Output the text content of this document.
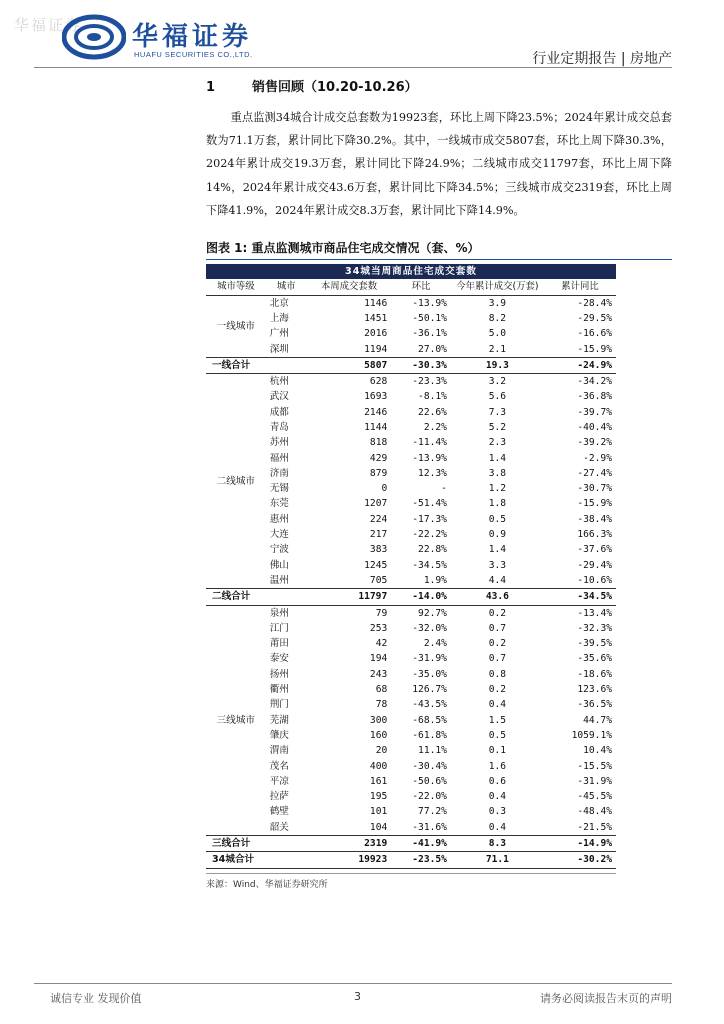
华福证券 华福证券
HUAFU SECURITIES CO.,LTD.	行业定期报告 | 房地产
1	销售回顾（10.20-10.26）

重点监测34城合计成交总套数为19923套，环比上周下降23.5%；2024年累计成交总套数为71.1万套，累计同比下降30.2%。其中，一线城市成交5807套，环比上周下降30.3%，2024年累计成交19.3万套，累计同比下降24.9%；二线城市成交11797套，环比上周下降14%，2024年累计成交43.6万套，累计同比下降34.5%；三线城市成交2319套，环比上周下降41.9%，2024年累计成交8.3万套，累计同比下降14.9%。

图表 1: 重点监测城市商品住宅成交情况（套、%）
34城当周商品住宅成交套数					
城市等级	城市	本周成交套数	环比	今年累计成交(万套)	累计同比
一线城市	北京	1146	-13.9%	3.9	-28.4%
	上海	1451	-50.1%	8.2	-29.5%
	广州	2016	-36.1%	5.0	-16.6%
	深圳	1194	27.0%	2.1	-15.9%
一线合计		5807	-30.3%	19.3	-24.9%
二线城市	杭州	628	-23.3%	3.2	-34.2%
	武汉	1693	-8.1%	5.6	-36.8%
	成都	2146	22.6%	7.3	-39.7%
	青岛	1144	2.2%	5.2	-40.4%
	苏州	818	-11.4%	2.3	-39.2%
	福州	429	-13.9%	1.4	-2.9%
	济南	879	12.3%	3.8	-27.4%
	无锡	0	-	1.2	-30.7%
	东莞	1207	-51.4%	1.8	-15.9%
	惠州	224	-17.3%	0.5	-38.4%
	大连	217	-22.2%	0.9	166.3%
	宁波	383	22.8%	1.4	-37.6%
	佛山	1245	-34.5%	3.3	-29.4%
	温州	705	1.9%	4.4	-10.6%
二线合计		11797	-14.0%	43.6	-34.5%
三线城市	泉州	79	92.7%	0.2	-13.4%
	江门	253	-32.0%	0.7	-32.3%
	莆田	42	2.4%	0.2	-39.5%
	泰安	194	-31.9%	0.7	-35.6%
	扬州	243	-35.0%	0.8	-18.6%
	衢州	68	126.7%	0.2	123.6%
	荆门	78	-43.5%	0.4	-36.5%
	芜湖	300	-68.5%	1.5	44.7%
	肇庆	160	-61.8%	0.5	1059.1%
	渭南	20	11.1%	0.1	10.4%
	茂名	400	-30.4%	1.6	-15.5%
	平凉	161	-50.6%	0.6	-31.9%
	拉萨	195	-22.0%	0.4	-45.5%
	鹤壁	101	77.2%	0.3	-48.4%
	韶关	104	-31.6%	0.4	-21.5%
三线合计		2319	-41.9%	8.3	-14.9%
34城合计		19923	-23.5%	71.1	-30.2%
来源：Wind、华福证券研究所
诚信专业 发现价值	3	请务必阅读报告末页的声明
